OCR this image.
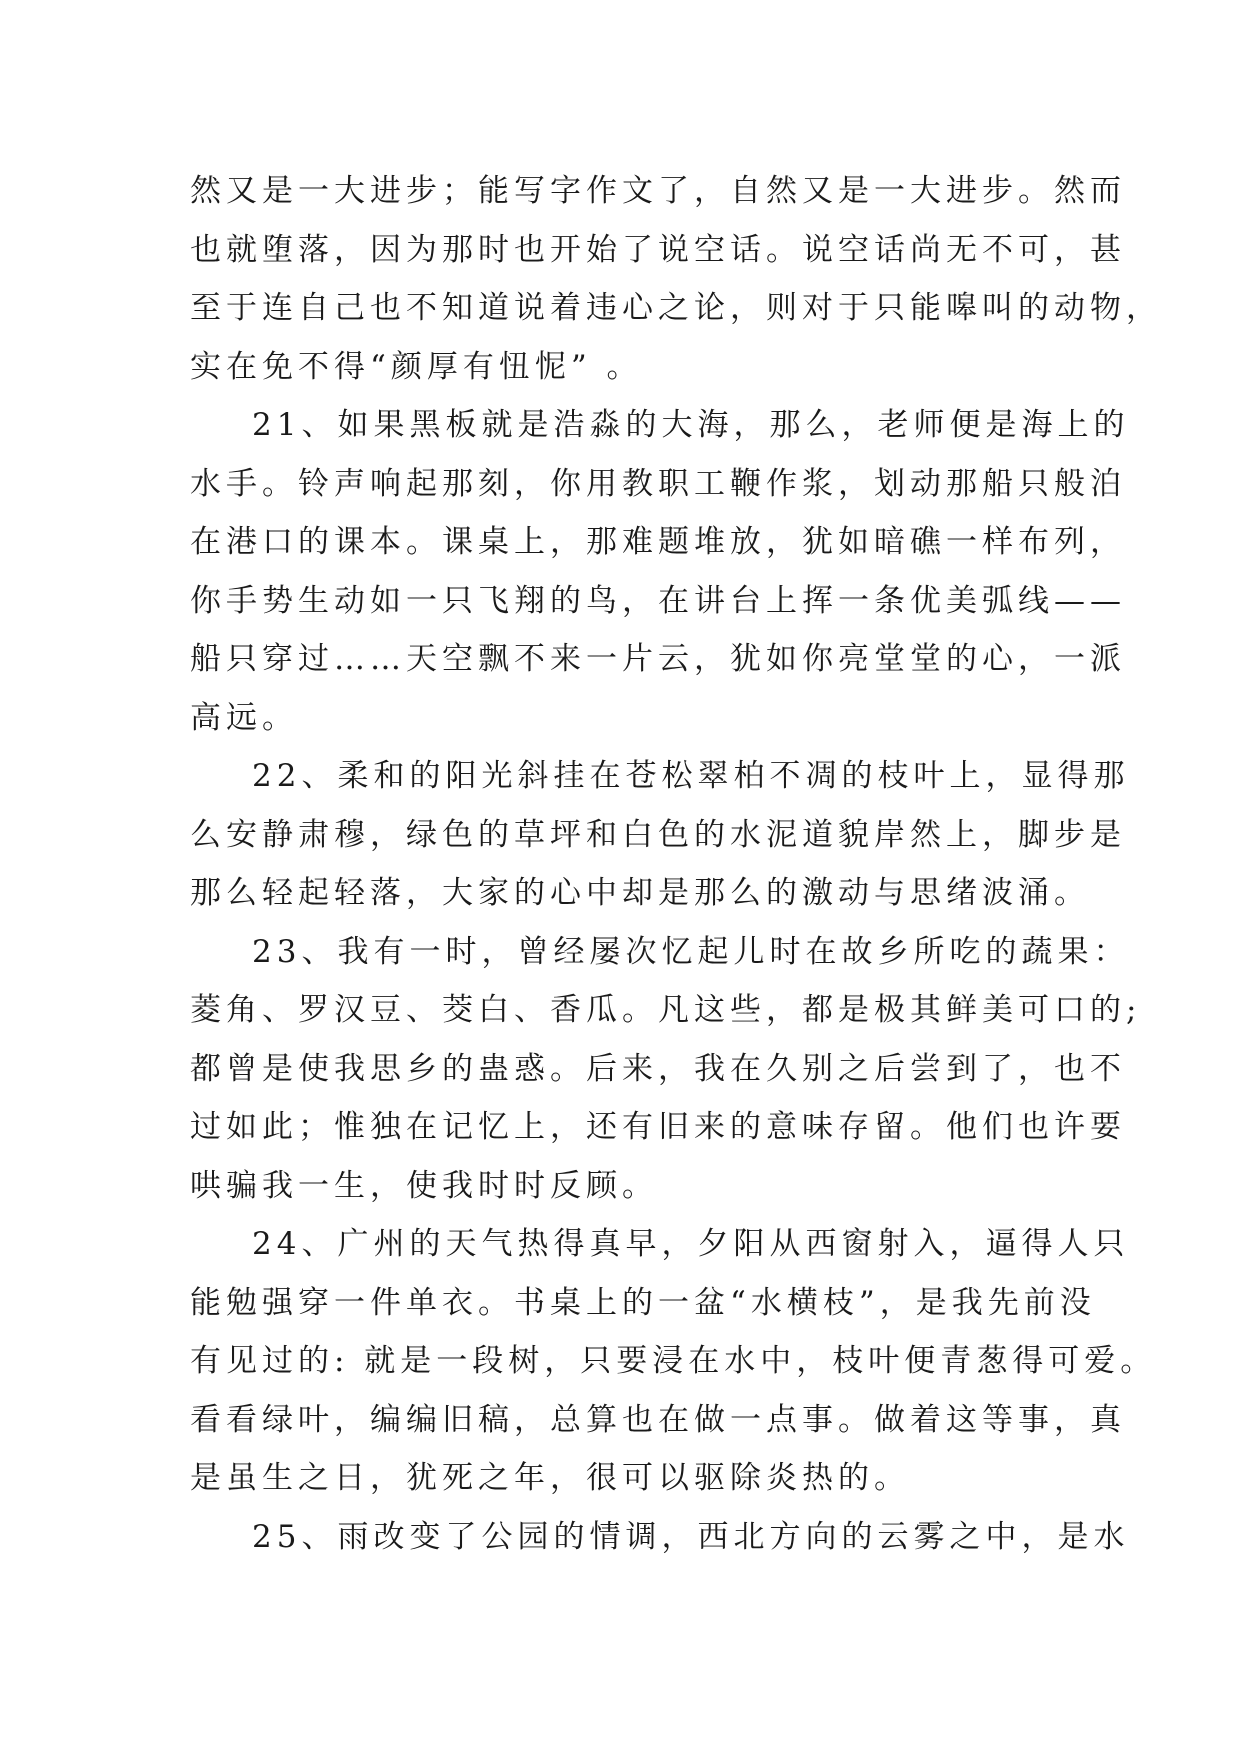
然又是一大进步；能写字作文了，自然又是一大进步。然而
也就堕落，因为那时也开始了说空话。说空话尚无不可，甚
至于连自己也不知道说着违心之论，则对于只能嗥叫的动物，
实在免不得“颜厚有忸怩” 。
21、如果黑板就是浩淼的大海，那么，老师便是海上的
水手。铃声响起那刻，你用教职工鞭作浆，划动那船只般泊
在港口的课本。课桌上，那难题堆放，犹如暗礁一样布列，
你手势生动如一只飞翔的鸟，在讲台上挥一条优美弧线——
船只穿过……天空飘不来一片云，犹如你亮堂堂的心，一派
高远。
22、柔和的阳光斜挂在苍松翠柏不凋的枝叶上，显得那
么安静肃穆，绿色的草坪和白色的水泥道貌岸然上，脚步是
那么轻起轻落，大家的心中却是那么的激动与思绪波涌。
23、我有一时，曾经屡次忆起儿时在故乡所吃的蔬果：
菱角、罗汉豆、茭白、香瓜。凡这些，都是极其鲜美可口的;
都曾是使我思乡的蛊惑。后来，我在久别之后尝到了，也不
过如此；惟独在记忆上，还有旧来的意味存留。他们也许要
哄骗我一生，使我时时反顾。
24、广州的天气热得真早，夕阳从西窗射入，逼得人只
能勉强穿一件单衣。书桌上的一盆“水横枝”，是我先前没
有见过的: 就是一段树，只要浸在水中，枝叶便青葱得可爱。
看看绿叶，编编旧稿，总算也在做一点事。做着这等事，真
是虽生之日，犹死之年，很可以驱除炎热的。
25、雨改变了公园的情调，西北方向的云雾之中，是水
